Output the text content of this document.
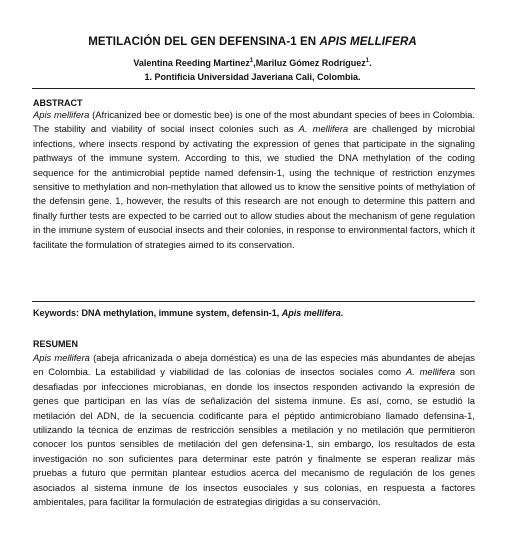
METILACIÓN DEL GEN DEFENSINA-1 EN APIS MELLIFERA
Valentina Reeding Martinez$^1$,Mariluz Gómez Rodríguez$^1$.
1. Pontificia Universidad Javeriana Cali, Colombia.
ABSTRACT
Apis mellifera (Africanized bee or domestic bee) is one of the most abundant species of bees in Colombia. The stability and viability of social insect colonies such as A. mellifera are challenged by microbial infections, where insects respond by activating the expression of genes that participate in the signaling pathways of the immune system. According to this, we studied the DNA methylation of the coding sequence for the antimicrobial peptide named defensin-1, using the technique of restriction enzymes sensitive to methylation and non-methylation that allowed us to know the sensitive points of methylation of the defensin gene. 1, however, the results of this research are not enough to determine this pattern and finally further tests are expected to be carried out to allow studies about the mechanism of gene regulation in the immune system of eusocial insects and their colonies, in response to environmental factors, which it facilitate the formulation of strategies aimed to its conservation.
Keywords: DNA methylation, immune system, defensin-1, Apis mellifera.
RESUMEN
Apis mellifera (abeja africanizada o abeja doméstica) es una de las especies más abundantes de abejas en Colombia. La estabilidad y viabilidad de las colonias de insectos sociales como A. mellifera son desafiadas por infecciones microbianas, en donde los insectos responden activando la expresión de genes que participan en las vías de señalización del sistema inmune. Es así, como, se estudió la metilación del ADN, de la secuencia codificante para el péptido antimicrobiano llamado defensina-1, utilizando la técnica de enzimas de restricción sensibles a metilación y no metilación que permitieron conocer los puntos sensibles de metilación del gen defensina-1, sin embargo, los resultados de esta investigación no son suficientes para determinar este patrón y finalmente se esperan realizar más pruebas a futuro que permitan plantear estudios acerca del mecanismo de regulación de los genes asociados al sistema inmune de los insectos eusociales y sus colonias, en respuesta a factores ambientales, para facilitar la formulación de estrategias dirigidas a su conservación.
